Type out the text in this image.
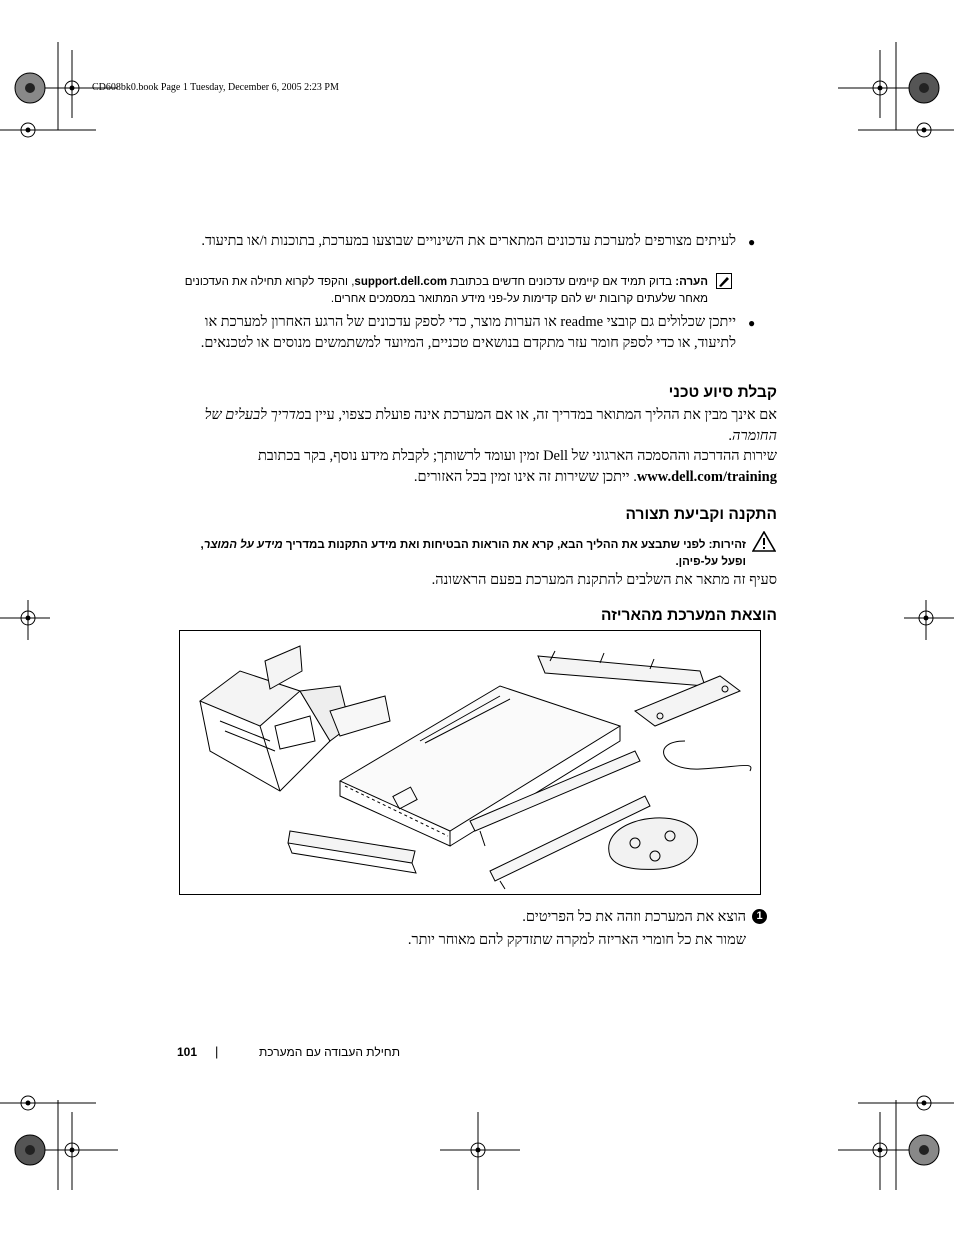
CD608bk0.book Page 1 Tuesday, December 6, 2005 2:23 PM
לעיתים מצורפים למערכת עדכונים המתארים את השינויים שבוצעו במערכת, בתוכנות ו/או בתיעוד. ●
הערה: בדוק תמיד אם קיימים עדכונים חדשים בכתובת support.dell.com, והקפד לקרוא תחילה את העדכונים מאחר שלעתים קרובות יש להם קדימות על-פני מידע המתואר במסמכים אחרים.
ייתכן שכלולים גם קובצי readme או הערות מוצר, כדי לספק עדכונים של הרגע האחרון למערכת או לתיעוד, או כדי לספק חומר עזר מתקדם בנושאים טכניים, המיועד למשתמשים מנוסים או לטכנאים.
●
קבלת סיוע טכני
אם אינך מבין את ההליך המתואר במדריך זה, או אם המערכת אינה פועלת כצפוי, עיין במדריך לבעלים של החומרה.
שירות ההדרכה וההסמכה הארגוני של Dell זמין ועומד לרשותך; לקבלת מידע נוסף, בקר בכתובת www.dell.com/training. ייתכן ששירות זה אינו זמין בכל האזורים.
התקנה וקביעת תצורה
זהירות: לפני שתבצע את ההליך הבא, קרא את הוראות הבטיחות ואת מידע התקנות במדריך מידע על המוצר, ופעל על-פיהן.
סעיף זה מתאר את השלבים להתקנת המערכת בפעם הראשונה.
הוצאת המערכת מהאריזה
1
הוצא את המערכת וזהה את כל הפריטים.
שמור את כל חומרי האריזה למקרה שתזדקק להם מאוחר יותר.
101 |	תחילת העבודה עם המערכת
